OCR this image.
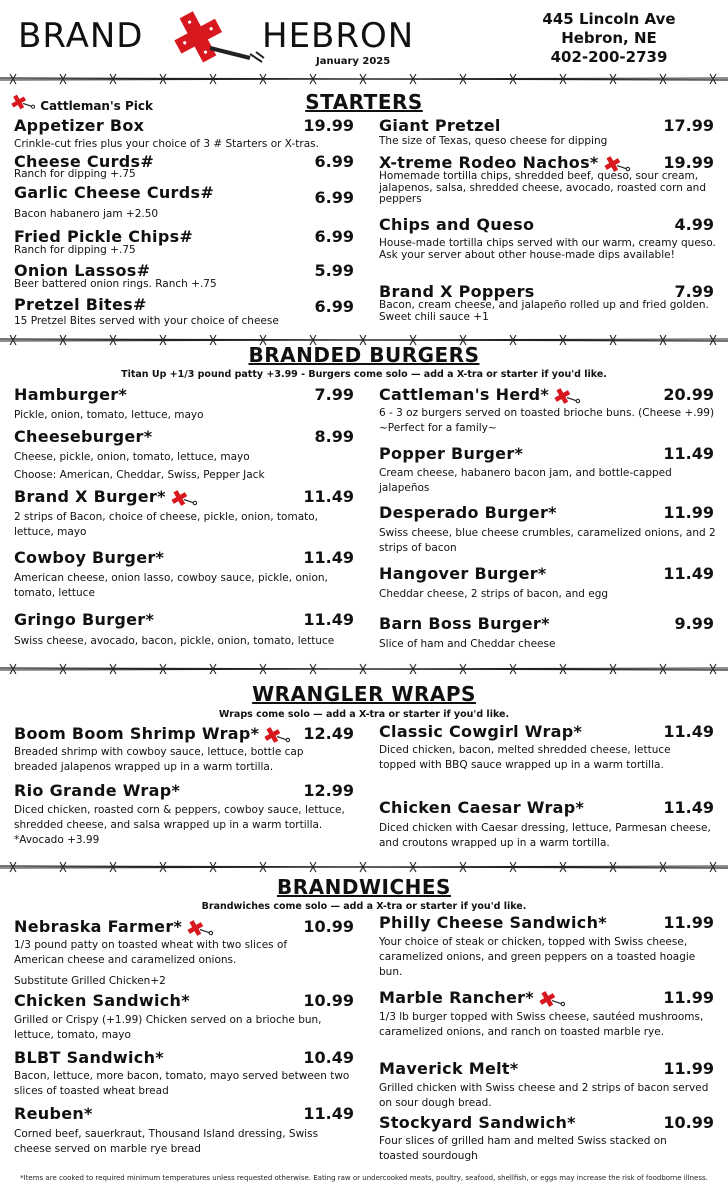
BRAND	HEBRON
January 2025
445 Lincoln Ave
Hebron, NE
402-200-2739
Cattleman's Pick	STARTERS
Appetizer Box	19.99
Crinkle-cut fries plus your choice of 3 # Starters or X-tras.
Cheese Curds#	6.99
Ranch for dipping +.75
Garlic Cheese Curds#	6.99
Bacon habanero jam +2.50
Fried Pickle Chips#	6.99
Ranch for dipping +.75
Onion Lassos#	5.99
Beer battered onion rings. Ranch +.75
Pretzel Bites#	6.99
15 Pretzel Bites served with your choice of cheese
Giant Pretzel	17.99
The size of Texas, queso cheese for dipping
X-treme Rodeo Nachos*	19.99
Homemade tortilla chips, shredded beef, queso, sour cream, jalapenos, salsa, shredded cheese, avocado, roasted corn and peppers
Chips and Queso	4.99
House-made tortilla chips served with our warm, creamy queso. Ask your server about other house-made dips available!
Brand X Poppers	7.99
Bacon, cream cheese, and jalapeño rolled up and fried golden. Sweet chili sauce +1
BRANDED BURGERS
Titan Up +1/3 pound patty +3.99 - Burgers come solo — add a X-tra or starter if you'd like.
Hamburger*	7.99
Pickle, onion, tomato, lettuce, mayo
Cheeseburger*	8.99
Cheese, pickle, onion, tomato, lettuce, mayo
Choose: American, Cheddar, Swiss, Pepper Jack
Brand X Burger*	11.49
2 strips of Bacon, choice of cheese, pickle, onion, tomato, lettuce, mayo
Cowboy Burger*	11.49
American cheese, onion lasso, cowboy sauce, pickle, onion, tomato, lettuce
Gringo Burger*	11.49
Swiss cheese, avocado, bacon, pickle, onion, tomato, lettuce
Cattleman's Herd*	20.99
6 - 3 oz burgers served on toasted brioche buns. (Cheese +.99) ~Perfect for a family~
Popper Burger*	11.49
Cream cheese, habanero bacon jam, and bottle-capped jalapeños
Desperado Burger*	11.99
Swiss cheese, blue cheese crumbles, caramelized onions, and 2 strips of bacon
Hangover Burger*	11.49
Cheddar cheese, 2 strips of bacon, and egg
Barn Boss Burger*	9.99
Slice of ham and Cheddar cheese
WRANGLER WRAPS
Wraps come solo — add a X-tra or starter if you'd like.
Boom Boom Shrimp Wrap*	12.49
Breaded shrimp with cowboy sauce, lettuce, bottle cap breaded jalapenos wrapped up in a warm tortilla.
Rio Grande Wrap*	12.99
Diced chicken, roasted corn & peppers, cowboy sauce, lettuce, shredded cheese, and salsa wrapped up in a warm tortilla. *Avocado +3.99
Classic Cowgirl Wrap*	11.49
Diced chicken, bacon, melted shredded cheese, lettuce topped with BBQ sauce wrapped up in a warm tortilla.
Chicken Caesar Wrap*	11.49
Diced chicken with Caesar dressing, lettuce, Parmesan cheese, and croutons wrapped up in a warm tortilla.
BRANDWICHES
Brandwiches come solo — add a X-tra or starter if you'd like.
Nebraska Farmer*	10.99
1/3 pound patty on toasted wheat with two slices of American cheese and caramelized onions.
Substitute Grilled Chicken+2
Chicken Sandwich*	10.99
Grilled or Crispy (+1.99) Chicken served on a brioche bun, lettuce, tomato, mayo
BLBT Sandwich*	10.49
Bacon, lettuce, more bacon, tomato, mayo served between two slices of toasted wheat bread
Reuben*	11.49
Corned beef, sauerkraut, Thousand Island dressing, Swiss cheese served on marble rye bread
Philly Cheese Sandwich*	11.99
Your choice of steak or chicken, topped with Swiss cheese, caramelized onions, and green peppers on a toasted hoagie bun.
Marble Rancher*	11.99
1/3 lb burger topped with Swiss cheese, sautéed mushrooms, caramelized onions, and ranch on toasted marble rye.
Maverick Melt*	11.99
Grilled chicken with Swiss cheese and 2 strips of bacon served on sour dough bread.
Stockyard Sandwich*	10.99
Four slices of grilled ham and melted Swiss stacked on toasted sourdough
*Items are cooked to required minimum temperatures unless requested otherwise. Eating raw or undercooked meats, poultry, seafood, shellfish, or eggs may increase the risk of foodborne illness.
